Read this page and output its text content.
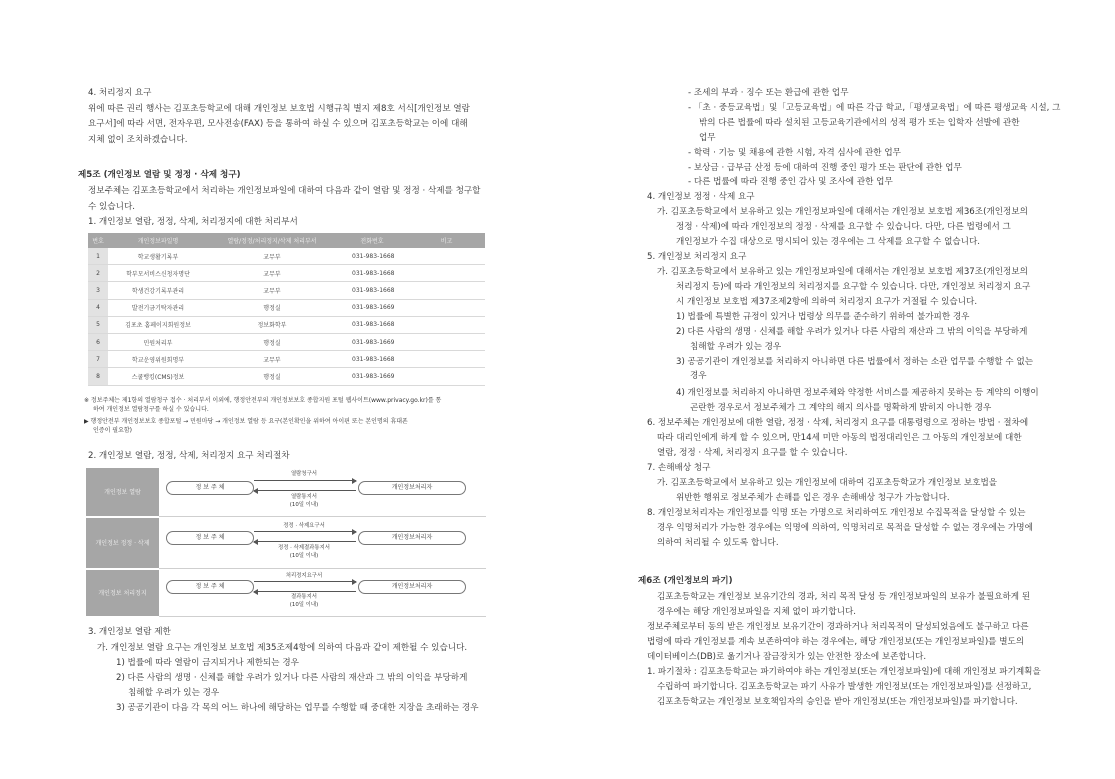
4. 처리정지 요구
위에 따른 권리 행사는 김포초등학교에 대해 개인정보 보호법 시행규칙 별지 제8호 서식[개인정보 열람
요구서]에 따라 서면, 전자우편, 모사전송(FAX) 등을 통하여 하실 수 있으며 김포초등학교는 이에 대해
지체 없이 조치하겠습니다.
제5조 (개인정보 열람 및 정정 · 삭제 청구)
정보주체는 김포초등학교에서 처리하는 개인정보파일에 대하여 다음과 같이 열람 및 정정 · 삭제를 청구할
수 있습니다.
1. 개인정보 열람, 정정, 삭제, 처리정지에 대한 처리부서
번호	개인정보파일명	열람/정정/처리정지/삭제 처리부서	전화번호	비고
1	학교생활기록부	교무부	031-983-1668	
2	학부모서비스신청자명단	교무부	031-983-1668	
3	학생건강기록부관리	교무부	031-983-1668	
4	발전기금기탁자관리	행정실	031-983-1669	
5	김포초 홈페이지회원정보	정보화학부	031-983-1668	
6	민원처리부	행정실	031-983-1669	
7	학교운영위원회명부	교무부	031-983-1668	
8	스쿨뱅킹(CMS)정보	행정실	031-983-1669	
※ 정보주체는 제1항의 열람청구 접수 · 처리부서 이외에, 행정안전부의 개인정보보호 종합지원 포털 웹사이트(www.privacy.go.kr)를 통
하여 개인정보 열람청구를 하실 수 있습니다.
▶ 행정안전부 개인정보보호 종합포털 → 민원마당 → 개인정보 열람 등 요구(본인확인을 위하여 아이핀 또는 본인명의 휴대폰
인증이 필요함)
2. 개인정보 열람, 정정, 삭제, 처리정지 요구 처리절차
개인정보 열람
열람청구서
정 보 주 체	개인정보처리자
열람통지서
(10일 이내)
개인정보 정정 · 삭제
정정 · 삭제요구서
정 보 주 체	개인정보처리자
정정 · 삭제결과통지서
(10일 이내)
개인정보 처리정지
처리정지요구서
정 보 주 체	개인정보처리자
결과통지서
(10일 이내)
3. 개인정보 열람 제한
가. 개인정보 열람 요구는 개인정보 보호법 제35조제4항에 의하여 다음과 같이 제한될 수 있습니다.
1) 법률에 따라 열람이 금지되거나 제한되는 경우
2) 다른 사람의 생명 · 신체를 해할 우려가 있거나 다른 사람의 재산과 그 밖의 이익을 부당하게
침해할 우려가 있는 경우
3) 공공기관이 다음 각 목의 어느 하나에 해당하는 업무를 수행할 때 중대한 지장을 초래하는 경우
- 조세의 부과 · 징수 또는 환급에 관한 업무
- 「초 · 중등교육법」및「고등교육법」에 따른 각급 학교,「평생교육법」에 따른 평생교육 시설, 그
밖의 다른 법률에 따라 설치된 고등교육기관에서의 성적 평가 또는 입학자 선발에 관한
업무
- 학력 · 기능 및 채용에 관한 시험, 자격 심사에 관한 업무
- 보상금 · 급부금 산정 등에 대하여 진행 중인 평가 또는 판단에 관한 업무
- 다른 법률에 따라 진행 중인 감사 및 조사에 관한 업무
4. 개인정보 정정 · 삭제 요구
가. 김포초등학교에서 보유하고 있는 개인정보파일에 대해서는 개인정보 보호법 제36조(개인정보의
정정 · 삭제)에 따라 개인정보의 정정 · 삭제를 요구할 수 있습니다. 다만, 다른 법령에서 그
개인정보가 수집 대상으로 명시되어 있는 경우에는 그 삭제를 요구할 수 없습니다.
5. 개인정보 처리정지 요구
가. 김포초등학교에서 보유하고 있는 개인정보파일에 대해서는 개인정보 보호법 제37조(개인정보의
처리정지 등)에 따라 개인정보의 처리정지를 요구할 수 있습니다. 다만, 개인정보 처리정지 요구
시 개인정보 보호법 제37조제2항에 의하여 처리정지 요구가 거절될 수 있습니다.
1) 법률에 특별한 규정이 있거나 법령상 의무를 준수하기 위하여 불가피한 경우
2) 다른 사람의 생명 · 신체를 해할 우려가 있거나 다른 사람의 재산과 그 밖의 이익을 부당하게
침해할 우려가 있는 경우
3) 공공기관이 개인정보를 처리하지 아니하면 다른 법률에서 정하는 소관 업무를 수행할 수 없는
경우
4) 개인정보를 처리하지 아니하면 정보주체와 약정한 서비스를 제공하지 못하는 등 계약의 이행이
곤란한 경우로서 정보주체가 그 계약의 해지 의사를 명확하게 밝히지 아니한 경우
6. 정보주체는 개인정보에 대한 열람, 정정 · 삭제, 처리정지 요구를 대통령령으로 정하는 방법 · 절차에
따라 대리인에게 하게 할 수 있으며, 만14세 미만 아동의 법정대리인은 그 아동의 개인정보에 대한
열람, 정정 · 삭제, 처리정지 요구를 할 수 있습니다.
7. 손해배상 청구
가. 김포초등학교에서 보유하고 있는 개인정보에 대하여 김포초등학교가 개인정보 보호법을
위반한 행위로 정보주체가 손해를 입은 경우 손해배상 청구가 가능합니다.
8. 개인정보처리자는 개인정보를 익명 또는 가명으로 처리하여도 개인정보 수집목적을 달성할 수 있는
경우 익명처리가 가능한 경우에는 익명에 의하여, 익명처리로 목적을 달성할 수 없는 경우에는 가명에
의하여 처리될 수 있도록 합니다.
제6조 (개인정보의 파기)
김포초등학교는 개인정보 보유기간의 경과, 처리 목적 달성 등 개인정보파일의 보유가 불필요하게 된
경우에는 해당 개인정보파일을 지체 없이 파기합니다.
정보주체로부터 동의 받은 개인정보 보유기간이 경과하거나 처리목적이 달성되었음에도 불구하고 다른
법령에 따라 개인정보를 계속 보존하여야 하는 경우에는, 해당 개인정보(또는 개인정보파일)를 별도의
데이터베이스(DB)로 옮기거나 잠금장치가 있는 안전한 장소에 보존합니다.
1. 파기절차 : 김포초등학교는 파기하여야 하는 개인정보(또는 개인정보파일)에 대해 개인정보 파기계획을
수립하여 파기합니다. 김포초등학교는 파기 사유가 발생한 개인정보(또는 개인정보파일)를 선정하고,
김포초등학교는 개인정보 보호책임자의 승인을 받아 개인정보(또는 개인정보파일)를 파기합니다.
